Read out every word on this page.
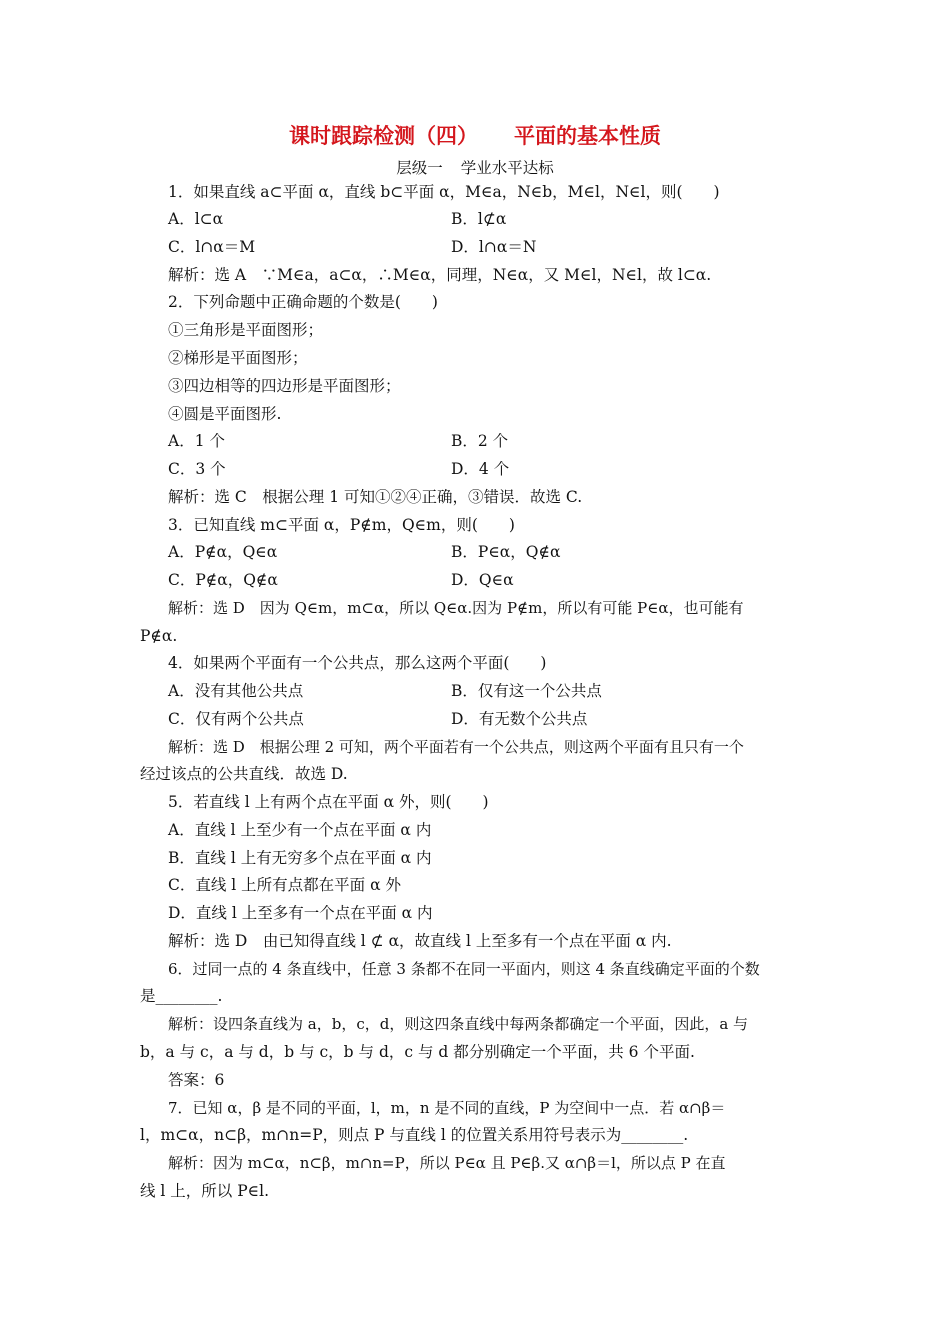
课时跟踪检测（四） 平面的基本性质
层级一 学业水平达标
1．如果直线 a⊂平面 α，直线 b⊂平面 α，M∈a，N∈b，M∈l，N∈l，则(　　)
A．l⊂α	B．l⊄α
C．l∩α＝M	D．l∩α＝N
解析：选 A　∵M∈a，a⊂α，∴M∈α，同理，N∈α，又 M∈l，N∈l，故 l⊂α.
2．下列命题中正确命题的个数是(　　)
①三角形是平面图形；
②梯形是平面图形；
③四边相等的四边形是平面图形；
④圆是平面图形.
A．1 个	B．2 个
C．3 个	D．4 个
解析：选 C　根据公理 1 可知①②④正确，③错误．故选 C.
3．已知直线 m⊂平面 α，P∉m，Q∈m，则(　　)
A．P∉α，Q∈α	B．P∈α，Q∉α
C．P∉α，Q∉α	D．Q∈α
解析：选 D　因为 Q∈m，m⊂α，所以 Q∈α.因为 P∉m，所以有可能 P∈α，也可能有
P∉α.
4．如果两个平面有一个公共点，那么这两个平面(　　)
A．没有其他公共点	B．仅有这一个公共点
C．仅有两个公共点	D．有无数个公共点
解析：选 D　根据公理 2 可知，两个平面若有一个公共点，则这两个平面有且只有一个
经过该点的公共直线．故选 D.
5．若直线 l 上有两个点在平面 α 外，则(　　)
A．直线 l 上至少有一个点在平面 α 内
B．直线 l 上有无穷多个点在平面 α 内
C．直线 l 上所有点都在平面 α 外
D．直线 l 上至多有一个点在平面 α 内
解析：选 D　由已知得直线 l ⊄ α，故直线 l 上至多有一个点在平面 α 内.
6．过同一点的 4 条直线中，任意 3 条都不在同一平面内，则这 4 条直线确定平面的个数
是________.
解析：设四条直线为 a，b，c，d，则这四条直线中每两条都确定一个平面，因此，a 与
b，a 与 c，a 与 d，b 与 c，b 与 d，c 与 d 都分别确定一个平面，共 6 个平面.
答案：6
7．已知 α，β 是不同的平面，l，m，n 是不同的直线，P 为空间中一点．若 α∩β＝
l，m⊂α，n⊂β，m∩n=P，则点 P 与直线 l 的位置关系用符号表示为________.
解析：因为 m⊂α，n⊂β，m∩n=P，所以 P∈α 且 P∈β.又 α∩β＝l，所以点 P 在直
线 l 上，所以 P∈l.
